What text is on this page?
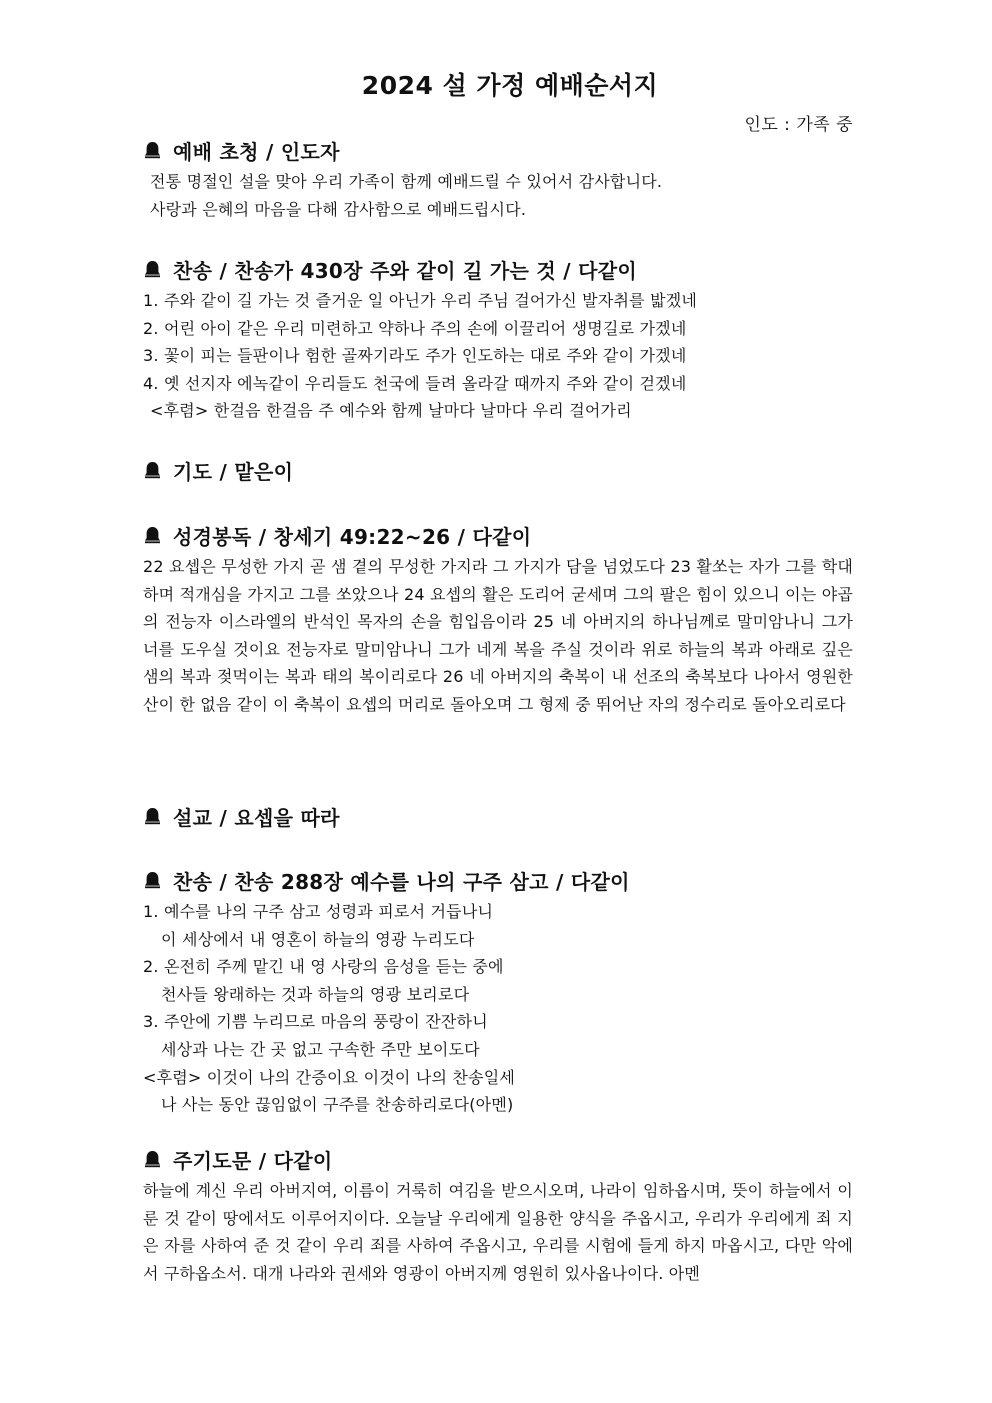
2024 설 가정 예배순서지
인도 : 가족 중
예배 초청 / 인도자
전통 명절인 설을 맞아 우리 가족이 함께 예배드릴 수 있어서 감사합니다.
사랑과 은혜의 마음을 다해 감사함으로 예배드립시다.
찬송 / 찬송가 430장 주와 같이 길 가는 것 / 다같이
1. 주와 같이 길 가는 것 즐거운 일 아닌가 우리 주님 걸어가신 발자취를 밟겠네
2. 어린 아이 같은 우리 미련하고 약하나 주의 손에 이끌리어 생명길로 가겠네
3. 꽃이 피는 들판이나 험한 골짜기라도 주가 인도하는 대로 주와 같이 가겠네
4. 옛 선지자 에녹같이 우리들도 천국에 들려 올라갈 때까지 주와 같이 걷겠네
<후렴> 한걸음 한걸음 주 예수와 함께 날마다 날마다 우리 걸어가리
기도 / 맡은이
성경봉독 / 창세기 49:22~26 / 다같이
22 요셉은 무성한 가지 곧 샘 곁의 무성한 가지라 그 가지가 담을 넘었도다 23 활쏘는 자가 그를 학대하며 적개심을 가지고 그를 쏘았으나 24 요셉의 활은 도리어 굳세며 그의 팔은 힘이 있으니 이는 야곱의 전능자 이스라엘의 반석인 목자의 손을 힘입음이라 25 네 아버지의 하나님께로 말미암나니 그가 너를 도우실 것이요 전능자로 말미암나니 그가 네게 복을 주실 것이라 위로 하늘의 복과 아래로 깊은 샘의 복과 젖먹이는 복과 태의 복이리로다 26 네 아버지의 축복이 내 선조의 축복보다 나아서 영원한 산이 한 없음 같이 이 축복이 요셉의 머리로 돌아오며 그 형제 중 뛰어난 자의 정수리로 돌아오리로다
설교 / 요셉을 따라
찬송 / 찬송 288장 예수를 나의 구주 삼고 / 다같이
1. 예수를 나의 구주 삼고 성령과 피로서 거듭나니
이 세상에서 내 영혼이 하늘의 영광 누리도다
2. 온전히 주께 맡긴 내 영 사랑의 음성을 듣는 중에
천사들 왕래하는 것과 하늘의 영광 보리로다
3. 주안에 기쁨 누리므로 마음의 풍랑이 잔잔하니
세상과 나는 간 곳 없고 구속한 주만 보이도다
<후렴> 이것이 나의 간증이요 이것이 나의 찬송일세
나 사는 동안 끊임없이 구주를 찬송하리로다(아멘)
주기도문 / 다같이
하늘에 계신 우리 아버지여, 이름이 거룩히 여김을 받으시오며, 나라이 임하옵시며, 뜻이 하늘에서 이룬 것 같이 땅에서도 이루어지이다. 오늘날 우리에게 일용한 양식을 주옵시고, 우리가 우리에게 죄 지은 자를 사하여 준 것 같이 우리 죄를 사하여 주옵시고, 우리를 시험에 들게 하지 마옵시고, 다만 악에서 구하옵소서. 대개 나라와 권세와 영광이 아버지께 영원히 있사옵나이다. 아멘
